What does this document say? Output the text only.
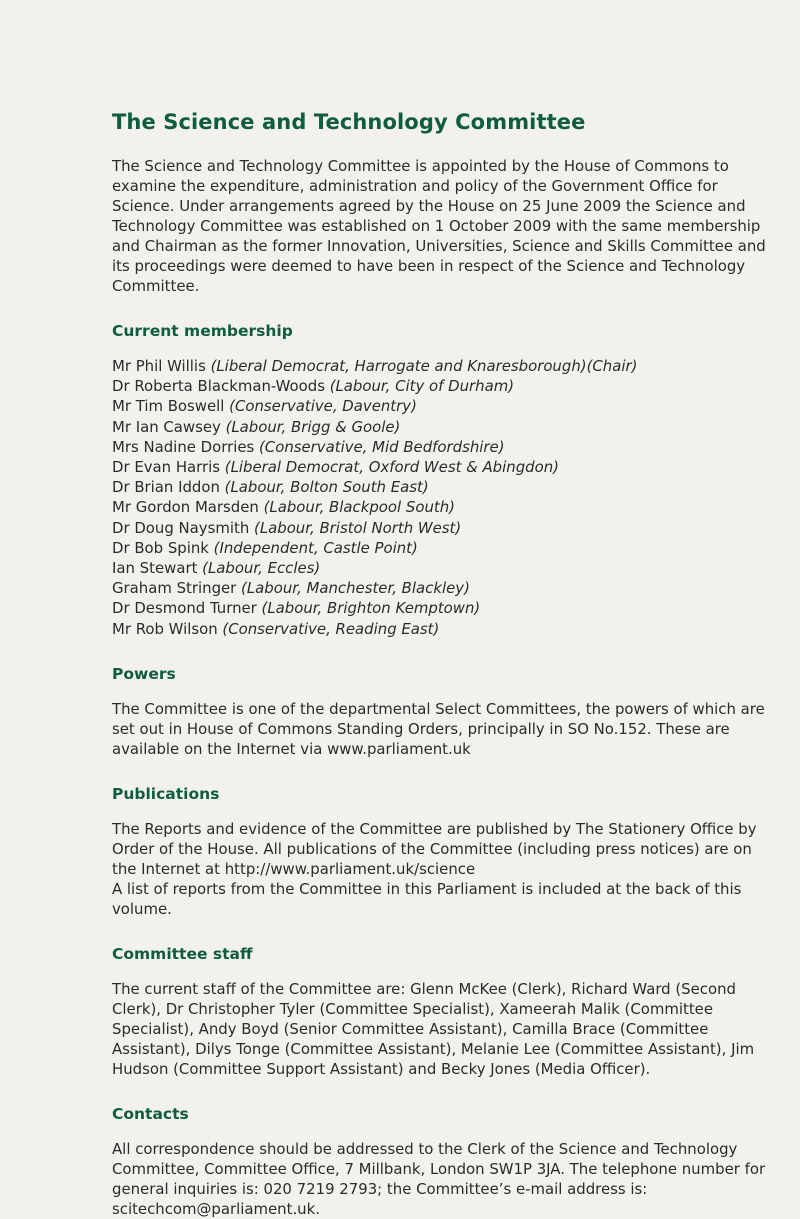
The Science and Technology Committee

The Science and Technology Committee is appointed by the House of Commons to examine the expenditure, administration and policy of the Government Office for Science. Under arrangements agreed by the House on 25 June 2009 the Science and Technology Committee was established on 1 October 2009 with the same membership and Chairman as the former Innovation, Universities, Science and Skills Committee and its proceedings were deemed to have been in respect of the Science and Technology Committee.

Current membership
Mr Phil Willis (Liberal Democrat, Harrogate and Knaresborough)(Chair)
Dr Roberta Blackman-Woods (Labour, City of Durham)
Mr Tim Boswell (Conservative, Daventry)
Mr Ian Cawsey (Labour, Brigg & Goole)
Mrs Nadine Dorries (Conservative, Mid Bedfordshire)
Dr Evan Harris (Liberal Democrat, Oxford West & Abingdon)
Dr Brian Iddon (Labour, Bolton South East)
Mr Gordon Marsden (Labour, Blackpool South)
Dr Doug Naysmith (Labour, Bristol North West)
Dr Bob Spink (Independent, Castle Point)
Ian Stewart (Labour, Eccles)
Graham Stringer (Labour, Manchester, Blackley)
Dr Desmond Turner (Labour, Brighton Kemptown)
Mr Rob Wilson (Conservative, Reading East)
Powers

The Committee is one of the departmental Select Committees, the powers of which are set out in House of Commons Standing Orders, principally in SO No.152. These are available on the Internet via www.parliament.uk

Publications

The Reports and evidence of the Committee are published by The Stationery Office by Order of the House. All publications of the Committee (including press notices) are on the Internet at http://www.parliament.uk/science

A list of reports from the Committee in this Parliament is included at the back of this volume.

Committee staff

The current staff of the Committee are: Glenn McKee (Clerk), Richard Ward (Second Clerk), Dr Christopher Tyler (Committee Specialist), Xameerah Malik (Committee Specialist), Andy Boyd (Senior Committee Assistant), Camilla Brace (Committee Assistant), Dilys Tonge (Committee Assistant), Melanie Lee (Committee Assistant), Jim Hudson (Committee Support Assistant) and Becky Jones (Media Officer).

Contacts

All correspondence should be addressed to the Clerk of the Science and Technology Committee, Committee Office, 7 Millbank, London SW1P 3JA. The telephone number for general inquiries is: 020 7219 2793; the Committee’s e-mail address is: scitechcom@parliament.uk.
